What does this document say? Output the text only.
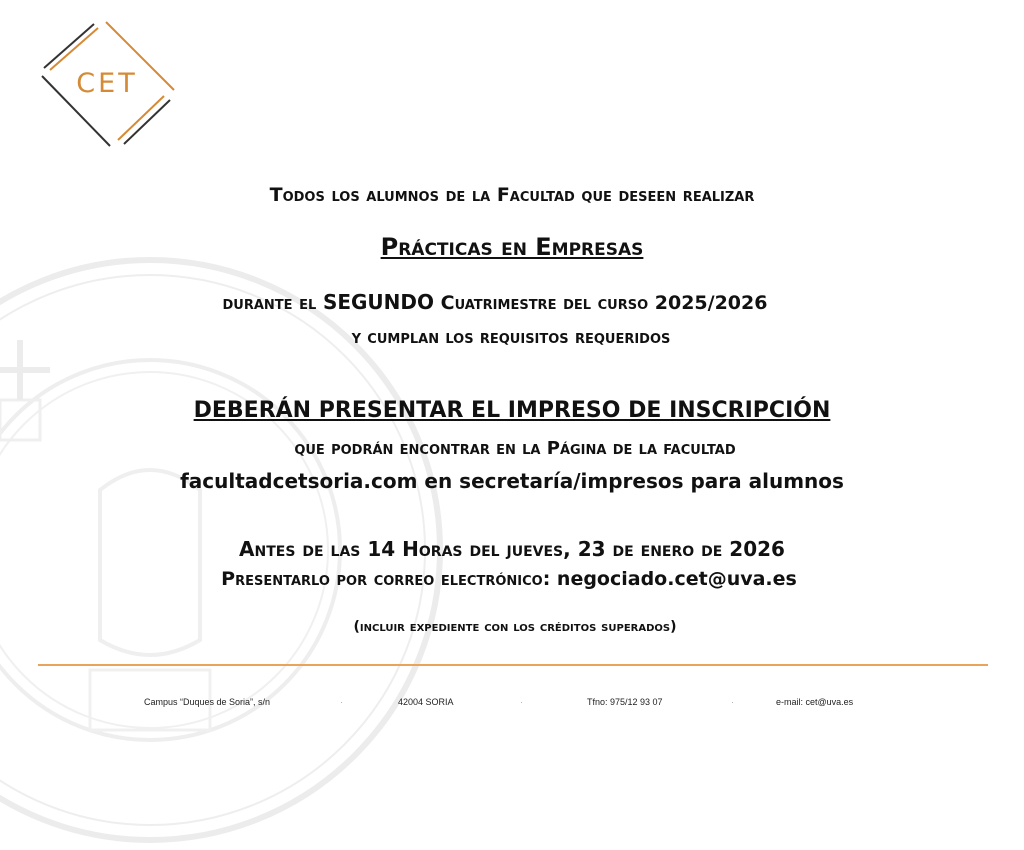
CET
Todos los alumnos de la Facultad que deseen realizar
Prácticas en Empresas
durante el SEGUNDO Cuatrimestre del curso 2025/2026
y cumplan los requisitos requeridos
DEBERÁN PRESENTAR EL IMPRESO DE INSCRIPCIÓN
que podrán encontrar en la Página de la facultad
facultadcetsoria.com en secretaría/impresos para alumnos
Antes de las 14 Horas del jueves, 23 de enero de 2026
Presentarlo por correo electrónico: negociado.cet@uva.es
(incluir expediente con los créditos superados)
Campus “Duques de Soria”, s/n	·	42004 SORIA	·	Tfno: 975/12 93 07	·	e-mail: cet@uva.es
